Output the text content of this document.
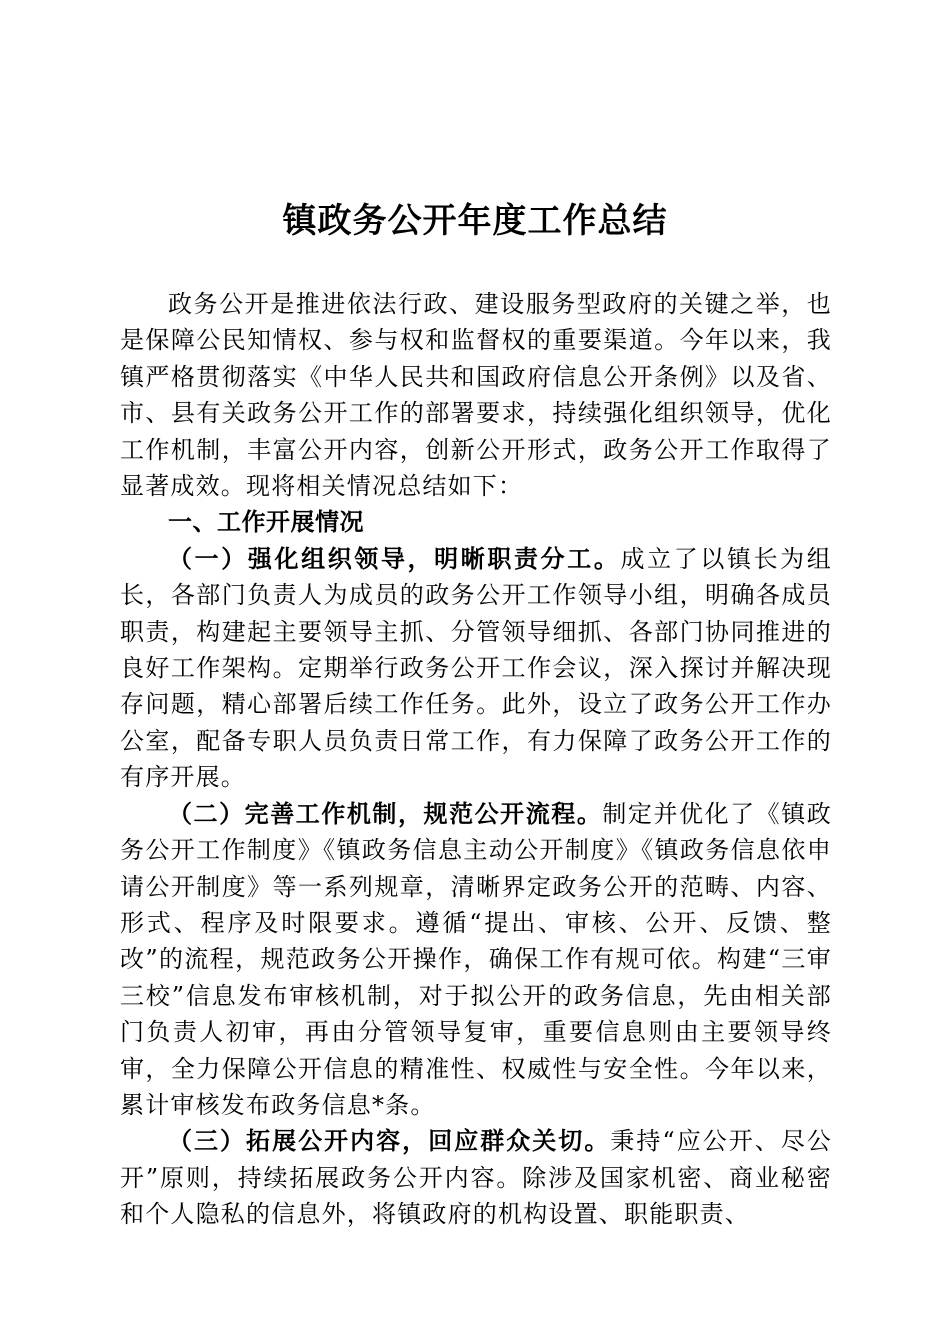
镇政务公开年度工作总结

政务公开是推进依法行政、建设服务型政府的关键之举，也是保障公民知情权、参与权和监督权的重要渠道。今年以来，我镇严格贯彻落实《中华人民共和国政府信息公开条例》以及省、市、县有关政务公开工作的部署要求，持续强化组织领导，优化工作机制，丰富公开内容，创新公开形式，政务公开工作取得了显著成效。现将相关情况总结如下：

一、工作开展情况

（一）强化组织领导，明晰职责分工。成立了以镇长为组长，各部门负责人为成员的政务公开工作领导小组，明确各成员职责，构建起主要领导主抓、分管领导细抓、各部门协同推进的良好工作架构。定期举行政务公开工作会议，深入探讨并解决现存问题，精心部署后续工作任务。此外，设立了政务公开工作办公室，配备专职人员负责日常工作，有力保障了政务公开工作的有序开展。

（二）完善工作机制，规范公开流程。制定并优化了《镇政务公开工作制度》《镇政务信息主动公开制度》《镇政务信息依申请公开制度》等一系列规章，清晰界定政务公开的范畴、内容、形式、程序及时限要求。遵循“提出、审核、公开、反馈、整改”的流程，规范政务公开操作，确保工作有规可依。构建“三审三校”信息发布审核机制，对于拟公开的政务信息，先由相关部门负责人初审，再由分管领导复审，重要信息则由主要领导终审，全力保障公开信息的精准性、权威性与安全性。今年以来，累计审核发布政务信息*条。

（三）拓展公开内容，回应群众关切。秉持“应公开、尽公开”原则，持续拓展政务公开内容。除涉及国家机密、商业秘密和个人隐私的信息外，将镇政府的机构设置、职能职责、
